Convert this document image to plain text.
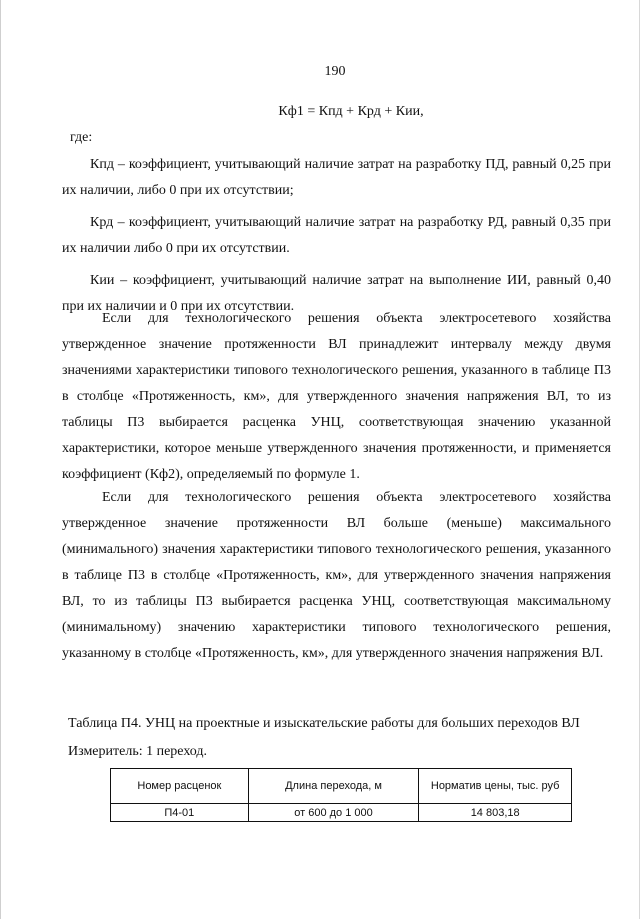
190
Кф1 = Кпд + Крд + Кии,
где:

Кпд – коэффициент, учитывающий наличие затрат на разработку ПД, равный 0,25 при их наличии, либо 0 при их отсутствии;

Крд – коэффициент, учитывающий наличие затрат на разработку РД, равный 0,35 при их наличии либо 0 при их отсутствии.

Кии – коэффициент, учитывающий наличие затрат на выполнение ИИ, равный 0,40 при их наличии и 0 при их отсутствии.

Если для технологического решения объекта электросетевого хозяйства утвержденное значение протяженности ВЛ принадлежит интервалу между двумя значениями характеристики типового технологического решения, указанного в таблице П3 в столбце «Протяженность, км», для утвержденного значения напряжения ВЛ, то из таблицы П3 выбирается расценка УНЦ, соответствующая значению указанной характеристики, которое меньше утвержденного значения протяженности, и применяется коэффициент (Кф2), определяемый по формуле 1.

Если для технологического решения объекта электросетевого хозяйства утвержденное значение протяженности ВЛ больше (меньше) максимального (минимального) значения характеристики типового технологического решения, указанного в таблице П3 в столбце «Протяженность, км», для утвержденного значения напряжения ВЛ, то из таблицы П3 выбирается расценка УНЦ, соответствующая максимальному (минимальному) значению характеристики типового технологического решения, указанному в столбце «Протяженность, км», для утвержденного значения напряжения ВЛ.

Таблица П4. УНЦ на проектные и изыскательские работы для больших переходов ВЛ
Измеритель: 1 переход.
Номер расценок	Длина перехода, м	Норматив цены, тыс. руб
П4-01	от 600 до 1 000	14 803,18
